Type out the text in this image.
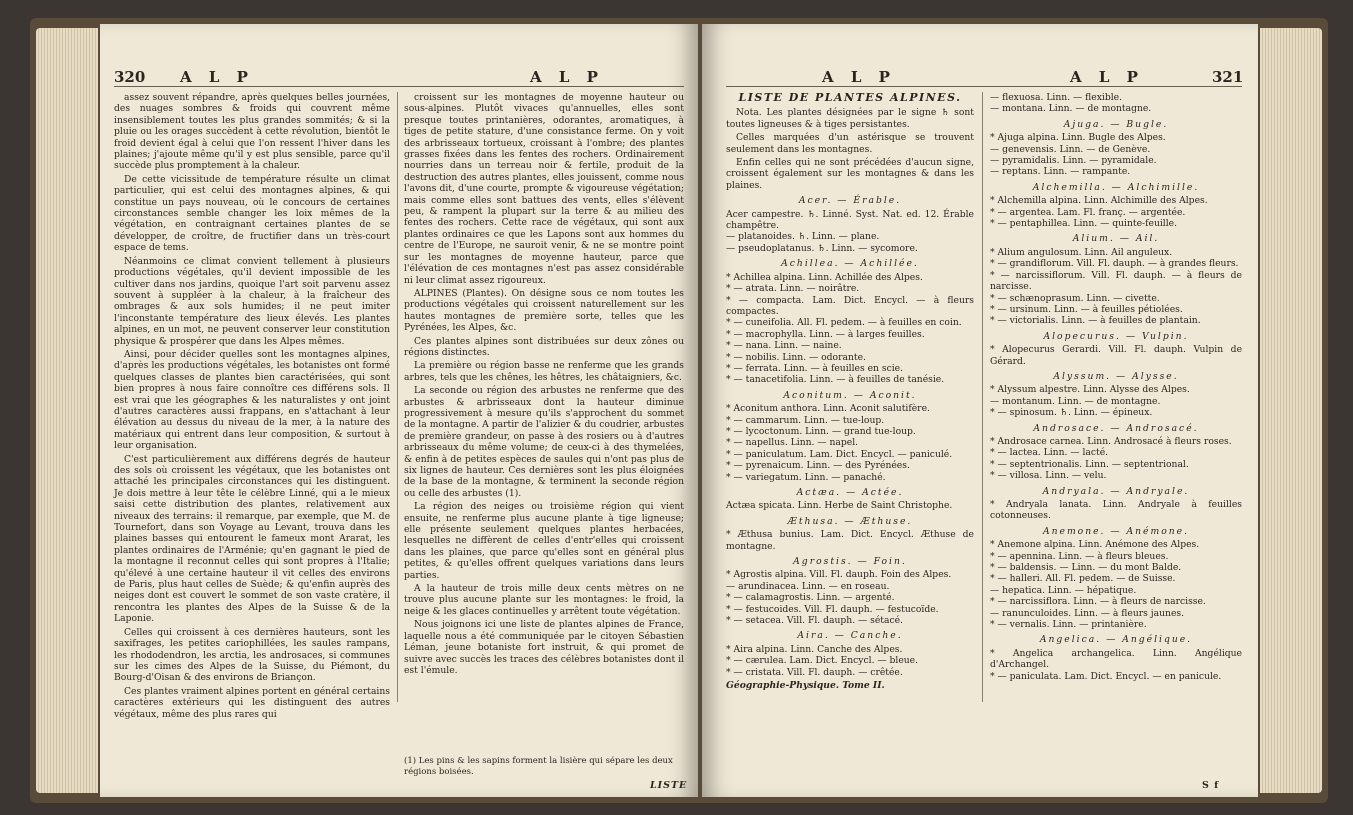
320 A L P	A L P

assez souvent répandre, après quelques belles journées, des nuages sombres & froids qui couvrent même insensiblement toutes les plus grandes sommités; & si la pluie ou les orages succèdent à cette révolution, bientôt le froid devient égal à celui que l'on ressent l'hiver dans les plaines; j'ajoute même qu'il y est plus sensible, parce qu'il succède plus promptement à la chaleur.

De cette vicissitude de température résulte un climat particulier, qui est celui des montagnes alpines, & qui constitue un pays nouveau, où le concours de certaines circonstances semble changer les loix mêmes de la végétation, en contraignant certaines plantes de se développer, de croître, de fructifier dans un très-court espace de tems.

Néanmoins ce climat convient tellement à plusieurs productions végétales, qu'il devient impossible de les cultiver dans nos jardins, quoique l'art soit parvenu assez souvent à suppléer à la chaleur, à la fraîcheur des ombrages & aux sols humides; il ne peut imiter l'inconstante température des lieux élevés. Les plantes alpines, en un mot, ne peuvent conserver leur constitution physique & prospérer que dans les Alpes mêmes.

Ainsi, pour décider quelles sont les montagnes alpines, d'après les productions végétales, les botanistes ont formé quelques classes de plantes bien caractérisées, qui sont bien propres à nous faire connoître ces différens sols. Il est vrai que les géographes & les naturalistes y ont joint d'autres caractères aussi frappans, en s'attachant à leur élévation au dessus du niveau de la mer, à la nature des matériaux qui entrent dans leur composition, & surtout à leur organisation.

C'est particulièrement aux différens degrés de hauteur des sols où croissent les végétaux, que les botanistes ont attaché les principales circonstances qui les distinguent. Je dois mettre à leur tête le célèbre Linné, qui a le mieux saisi cette distribution des plantes, relativement aux niveaux des terrains: il remarque, par exemple, que M. de Tournefort, dans son Voyage au Levant, trouva dans les plaines basses qui entourent le fameux mont Ararat, les plantes ordinaires de l'Arménie; qu'en gagnant le pied de la montagne il reconnut celles qui sont propres à l'Italie; qu'élevé à une certaine hauteur il vit celles des environs de Paris, plus haut celles de Suède; & qu'enfin auprès des neiges dont est couvert le sommet de son vaste cratère, il rencontra les plantes des Alpes de la Suisse & de la Laponie.

Celles qui croissent à ces dernières hauteurs, sont les saxifrages, les petites cariophillées, les saules rampans, les rhododendron, les arctia, les androsaces, si communes sur les cimes des Alpes de la Suisse, du Piémont, du Bourg-d'Oisan & des environs de Briançon.

Ces plantes vraiment alpines portent en général certains caractères extérieurs qui les distinguent des autres végétaux, même des plus rares qui

croissent sur les montagnes de moyenne hauteur ou sous-alpines. Plutôt vivaces qu'annuelles, elles sont presque toutes printanières, odorantes, aromatiques, à tiges de petite stature, d'une consistance ferme. On y voit des arbrisseaux tortueux, croissant à l'ombre; des plantes grasses fixées dans les fentes des rochers. Ordinairement nourries dans un terreau noir & fertile, produit de la destruction des autres plantes, elles jouissent, comme nous l'avons dit, d'une courte, prompte & vigoureuse végétation; mais comme elles sont battues des vents, elles s'élèvent peu, & rampent la plupart sur la terre & au milieu des fentes des rochers. Cette race de végétaux, qui sont aux plantes ordinaires ce que les Lapons sont aux hommes du centre de l'Europe, ne sauroit venir, & ne se montre point sur les montagnes de moyenne hauteur, parce que l'élévation de ces montagnes n'est pas assez considérable ni leur climat assez rigoureux.

ALPINES (Plantes). On désigne sous ce nom toutes les productions végétales qui croissent naturellement sur les hautes montagnes de première sorte, telles que les Pyrénées, les Alpes, &c.

Ces plantes alpines sont distribuées sur deux zônes ou régions distinctes.

La première ou région basse ne renferme que les grands arbres, tels que les chênes, les hêtres, les châtaigniers, &c.

La seconde ou région des arbustes ne renferme que des arbustes & arbrisseaux dont la hauteur diminue progressivement à mesure qu'ils s'approchent du sommet de la montagne. A partir de l'alizier & du coudrier, arbustes de première grandeur, on passe à des rosiers ou à d'autres arbrisseaux du même volume; de ceux-ci à des thymelées, & enfin à de petites espèces de saules qui n'ont pas plus de six lignes de hauteur. Ces dernières sont les plus éloignées de la base de la montagne, & terminent la seconde région ou celle des arbustes (1).

La région des neiges ou troisième région qui vient ensuite, ne renferme plus aucune plante à tige ligneuse; elle présente seulement quelques plantes herbacées, lesquelles ne diffèrent de celles d'entr'elles qui croissent dans les plaines, que parce qu'elles sont en général plus petites, & qu'elles offrent quelques variations dans leurs parties.

A la hauteur de trois mille deux cents mètres on ne trouve plus aucune plante sur les montagnes: le froid, la neige & les glaces continuelles y arrêtent toute végétation.

Nous joignons ici une liste de plantes alpines de France, laquelle nous a été communiquée par le citoyen Sébastien Léman, jeune botaniste fort instruit, & qui promet de suivre avec succès les traces des célèbres botanistes dont il est l'émule.

(1) Les pins & les sapins forment la lisière qui sépare les deux régions boisées.
LISTE
A L P	A L P	321
LISTE DE PLANTES ALPINES.

Nota. Les plantes désignées par le signe ♄ sont toutes ligneuses & à tiges persistantes.

Celles marquées d'un astérisque se trouvent seulement dans les montagnes.

Enfin celles qui ne sont précédées d'aucun signe, croissent également sur les montagnes & dans les plaines.

Acer. — Érable.

Acer campestre. ♄. Linné. Syst. Nat. ed. 12. Érable champêtre.

— platanoides. ♄. Linn. — plane.

— pseudoplatanus. ♄. Linn. — sycomore.

Achillea. — Achillée.

* Achillea alpina. Linn. Achillée des Alpes.

* — atrata. Linn. — noirâtre.

* — compacta. Lam. Dict. Encycl. — à fleurs compactes.

* — cuneifolia. All. Fl. pedem. — à feuilles en coin.

* — macrophylla. Linn. — à larges feuilles.

* — nana. Linn. — naine.

* — nobilis. Linn. — odorante.

* — ferrata. Linn. — à feuilles en scie.

* — tanacetifolia. Linn. — à feuilles de tanésie.

Aconitum. — Aconit.

* Aconitum anthora. Linn. Aconit salutifère.

* — cammarum. Linn. — tue-loup.

* — lycoctonum. Linn. — grand tue-loup.

* — napellus. Linn. — napel.

* — paniculatum. Lam. Dict. Encycl. — paniculé.

* — pyrenaicum. Linn. — des Pyrénées.

* — variegatum. Linn. — panaché.

Actæa. — Actée.

Actæa spicata. Linn. Herbe de Saint Christophe.

Æthusa. — Æthuse.

* Æthusa bunius. Lam. Dict. Encycl. Æthuse de montagne.

Agrostis. — Foin.

* Agrostis alpina. Vill. Fl. dauph. Foin des Alpes.

— arundinacea. Linn. — en roseau.

* — calamagrostis. Linn. — argenté.

* — festucoides. Vill. Fl. dauph. — festucoïde.

* — setacea. Vill. Fl. dauph. — sétacé.

Aira. — Canche.

* Aira alpina. Linn. Canche des Alpes.

* — cærulea. Lam. Dict. Encycl. — bleue.

* — cristata. Vill. Fl. dauph. — crêtée.

Géographie-Physique. Tome II.

— flexuosa. Linn. — flexible.

— montana. Linn. — de montagne.

Ajuga. — Bugle.

* Ajuga alpina. Linn. Bugle des Alpes.

— genevensis. Linn. — de Genève.

— pyramidalis. Linn. — pyramidale.

— reptans. Linn. — rampante.

Alchemilla. — Alchimille.

* Alchemilla alpina. Linn. Alchimille des Alpes.

* — argentea. Lam. Fl. franç. — argentée.

* — pentaphillea. Linn. — quinte-feuille.

Alium. — Ail.

* Alium angulosum. Linn. Ail anguleux.

* — grandiflorum. Vill. Fl. dauph. — à grandes fleurs.

* — narcissiflorum. Vill. Fl. dauph. — à fleurs de narcisse.

* — schænoprasum. Linn. — civette.

* — ursinum. Linn. — à feuilles pétiolées.

* — victorialis. Linn. — à feuilles de plantain.

Alopecurus. — Vulpin.

* Alopecurus Gerardi. Vill. Fl. dauph. Vulpin de Gérard.

Alyssum. — Alysse.

* Alyssum alpestre. Linn. Alysse des Alpes.

— montanum. Linn. — de montagne.

* — spinosum. ♄. Linn. — épineux.

Androsace. — Androsacé.

* Androsace carnea. Linn. Androsacé à fleurs roses.

* — lactea. Linn. — lacté.

* — septentrionalis. Linn. — septentrional.

* — villosa. Linn. — velu.

Andryala. — Andryale.

* Andryala lanata. Linn. Andryale à feuilles cotonneuses.

Anemone. — Anémone.

* Anemone alpina. Linn. Anémone des Alpes.

* — apennina. Linn. — à fleurs bleues.

* — baldensis. — Linn. — du mont Balde.

* — halleri. All. Fl. pedem. — de Suisse.

— hepatica. Linn. — hépatique.

* — narcissiflora. Linn. — à fleurs de narcisse.

— ranunculoides. Linn. — à fleurs jaunes.

* — vernalis. Linn. — printanière.

Angelica. — Angélique.

* Angelica archangelica. Linn. Angélique d'Archangel.

* — paniculata. Lam. Dict. Encycl. — en panicule.

S f
